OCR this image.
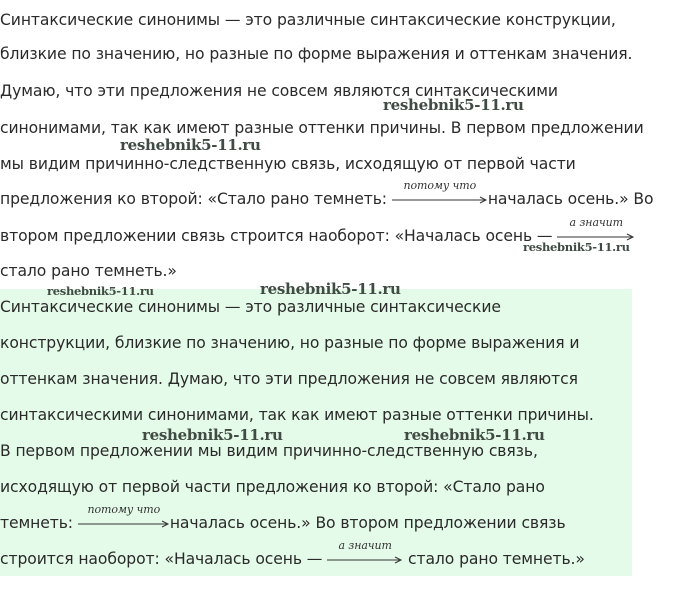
Синтаксические синонимы — это различные синтаксические конструкции,
близкие по значению, но разные по форме выражения и оттенкам значения.
Думаю, что эти предложения не совсем являются синтаксическими
синонимами, так как имеют разные оттенки причины. В первом предложении
мы видим причинно-следственную связь, исходящую от первой части
предложения ко второй: «Стало рано темнеть:
потому что
началась осень.» Во
втором предложении связь строится наоборот: «Началась осень —
а значит
стало рано темнеть.»
Синтаксические синонимы — это различные синтаксические
конструкции, близкие по значению, но разные по форме выражения и
оттенкам значения. Думаю, что эти предложения не совсем являются
синтаксическими синонимами, так как имеют разные оттенки причины.
В первом предложении мы видим причинно-следственную связь,
исходящую от первой части предложения ко второй: «Стало рано
темнеть:
потому что
началась осень.» Во втором предложении связь
строится наоборот: «Началась осень —
а значит
стало рано темнеть.»
reshebnik5-11.ru
reshebnik5-11.ru
reshebnik5-11.ru
reshebnik5-11.ru	reshebnik5-11.ru
reshebnik5-11.ru	reshebnik5-11.ru
